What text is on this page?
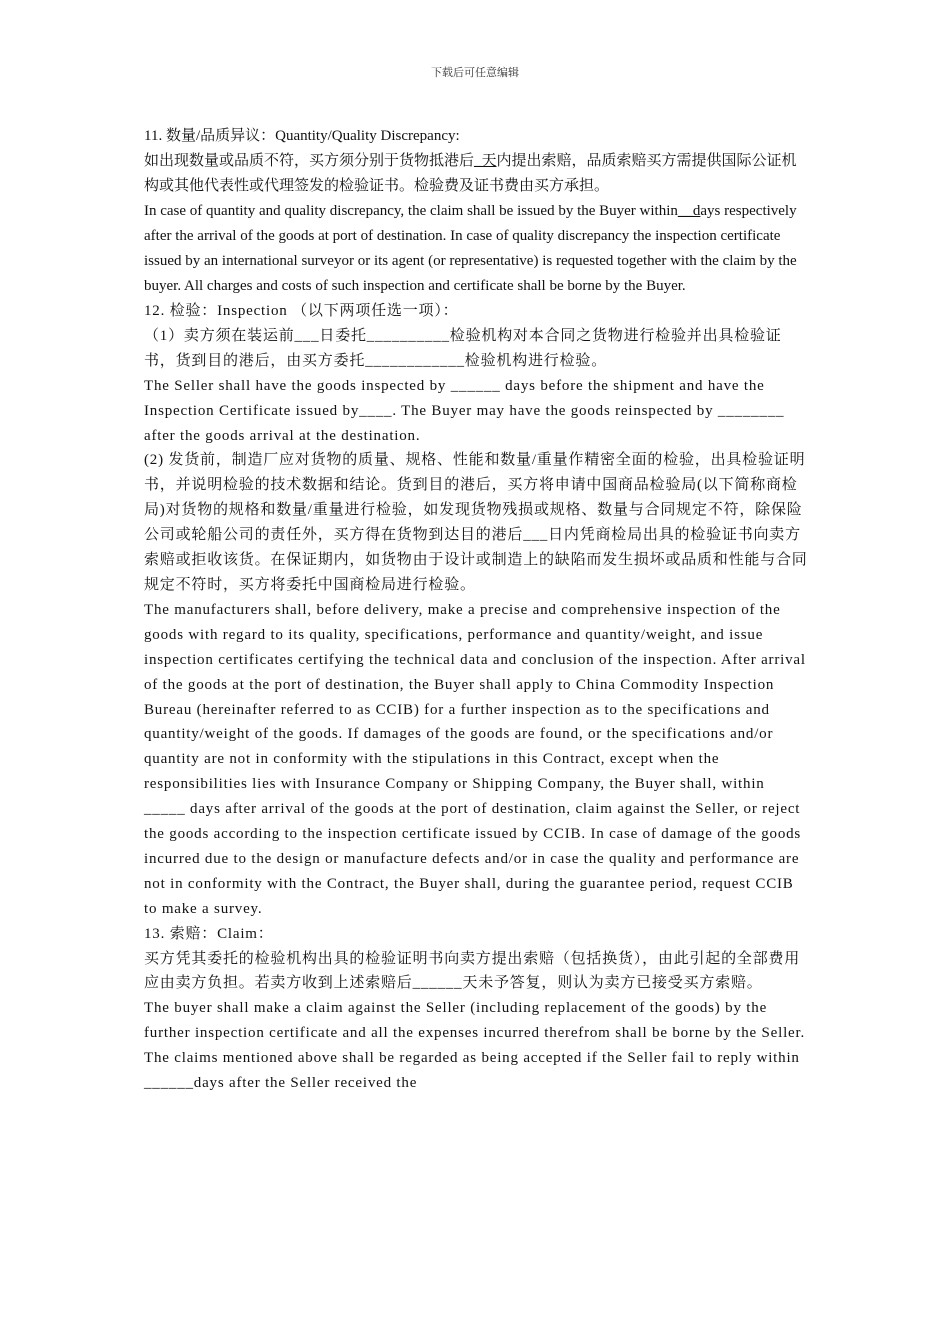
下载后可任意编辑

11. 数量/品质异议：Quantity/Quality Discrepancy:

如出现数量或品质不符，买方须分别于货物抵港后_天内提出索赔，品质索赔买方需提供国际公证机构或其他代表性或代理签发的检验证书。检验费及证书费由买方承担。

In case of quantity and quality discrepancy, the claim shall be issued by the Buyer within__days respectively after the arrival of the goods at port of destination. In case of quality discrepancy the inspection certificate issued by an international surveyor or its agent (or representative) is requested together with the claim by the buyer. All charges and costs of such inspection and certificate shall be borne by the Buyer.

12. 检验：Inspection （以下两项任选一项）：

（1）卖方须在装运前___日委托__________检验机构对本合同之货物进行检验并出具检验证书，货到目的港后，由买方委托____________检验机构进行检验。

The Seller shall have the goods inspected by ______ days before the shipment and have the Inspection Certificate issued by____. The Buyer may have the goods reinspected by ________ after the goods arrival at the destination.

(2) 发货前，制造厂应对货物的质量、规格、性能和数量/重量作精密全面的检验，出具检验证明书，并说明检验的技术数据和结论。货到目的港后，买方将申请中国商品检验局(以下简称商检局)对货物的规格和数量/重量进行检验，如发现货物残损或规格、数量与合同规定不符，除保险公司或轮船公司的责任外，买方得在货物到达目的港后___日内凭商检局出具的检验证书向卖方索赔或拒收该货。在保证期内，如货物由于设计或制造上的缺陷而发生损坏或品质和性能与合同规定不符时，买方将委托中国商检局进行检验。

The manufacturers shall, before delivery, make a precise and comprehensive inspection of the goods with regard to its quality, specifications, performance and quantity/weight, and issue inspection certificates certifying the technical data and conclusion of the inspection. After arrival of the goods at the port of destination, the Buyer shall apply to China Commodity Inspection Bureau (hereinafter referred to as CCIB) for a further inspection as to the specifications and quantity/weight of the goods. If damages of the goods are found, or the specifications and/or quantity are not in conformity with the stipulations in this Contract, except when the responsibilities lies with Insurance Company or Shipping Company, the Buyer shall, within _____ days after arrival of the goods at the port of destination, claim against the Seller, or reject the goods according to the inspection certificate issued by CCIB. In case of damage of the goods incurred due to the design or manufacture defects and/or in case the quality and performance are not in conformity with the Contract, the Buyer shall, during the guarantee period, request CCIB to make a survey.

13. 索赔：Claim：

买方凭其委托的检验机构出具的检验证明书向卖方提出索赔（包括换货），由此引起的全部费用应由卖方负担。若卖方收到上述索赔后______天未予答复，则认为卖方已接受买方索赔。

The buyer shall make a claim against the Seller (including replacement of the goods) by the further inspection certificate and all the expenses incurred therefrom shall be borne by the Seller. The claims mentioned above shall be regarded as being accepted if the Seller fail to reply within ______days after the Seller received the
